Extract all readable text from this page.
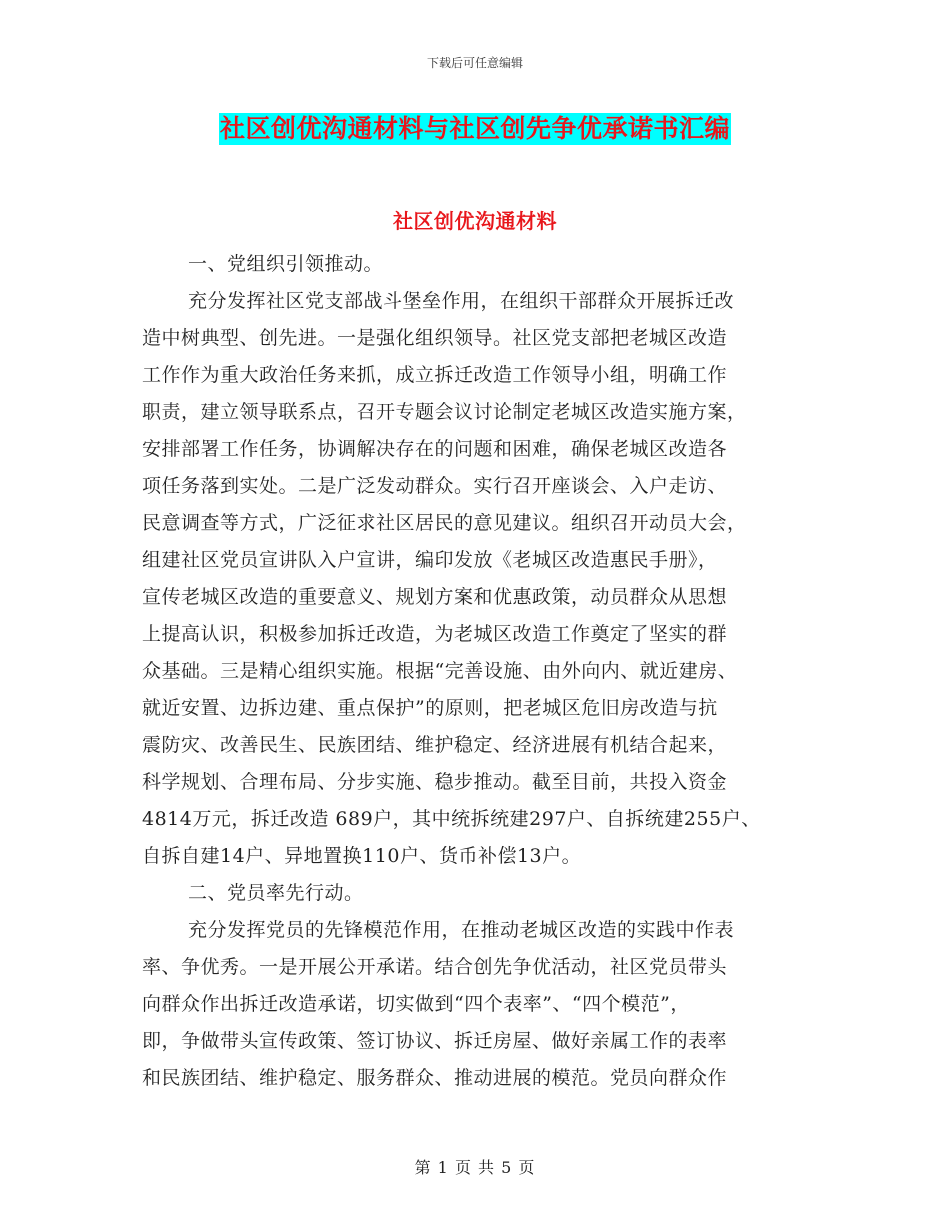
下载后可任意编辑
社区创优沟通材料与社区创先争优承诺书汇编
社区创优沟通材料
一、党组织引领推动。
充分发挥社区党支部战斗堡垒作用，在组织干部群众开展拆迁改
造中树典型、创先进。一是强化组织领导。社区党支部把老城区改造
工作作为重大政治任务来抓，成立拆迁改造工作领导小组，明确工作
职责，建立领导联系点，召开专题会议讨论制定老城区改造实施方案，
安排部署工作任务，协调解决存在的问题和困难，确保老城区改造各
项任务落到实处。二是广泛发动群众。实行召开座谈会、入户走访、
民意调查等方式，广泛征求社区居民的意见建议。组织召开动员大会，
组建社区党员宣讲队入户宣讲，编印发放《老城区改造惠民手册》，
宣传老城区改造的重要意义、规划方案和优惠政策，动员群众从思想
上提高认识，积极参加拆迁改造，为老城区改造工作奠定了坚实的群
众基础。三是精心组织实施。根据“完善设施、由外向内、就近建房、
就近安置、边拆边建、重点保护”的原则，把老城区危旧房改造与抗
震防灾、改善民生、民族团结、维护稳定、经济进展有机结合起来，
科学规划、合理布局、分步实施、稳步推动。截至目前，共投入资金
4814万元，拆迁改造 689户，其中统拆统建297户、自拆统建255户、
自拆自建14户、异地置换110户、货币补偿13户。
二、党员率先行动。
充分发挥党员的先锋模范作用，在推动老城区改造的实践中作表
率、争优秀。一是开展公开承诺。结合创先争优活动，社区党员带头
向群众作出拆迁改造承诺，切实做到“四个表率”、“四个模范”，
即，争做带头宣传政策、签订协议、拆迁房屋、做好亲属工作的表率
和民族团结、维护稳定、服务群众、推动进展的模范。党员向群众作
第 1 页 共 5 页
